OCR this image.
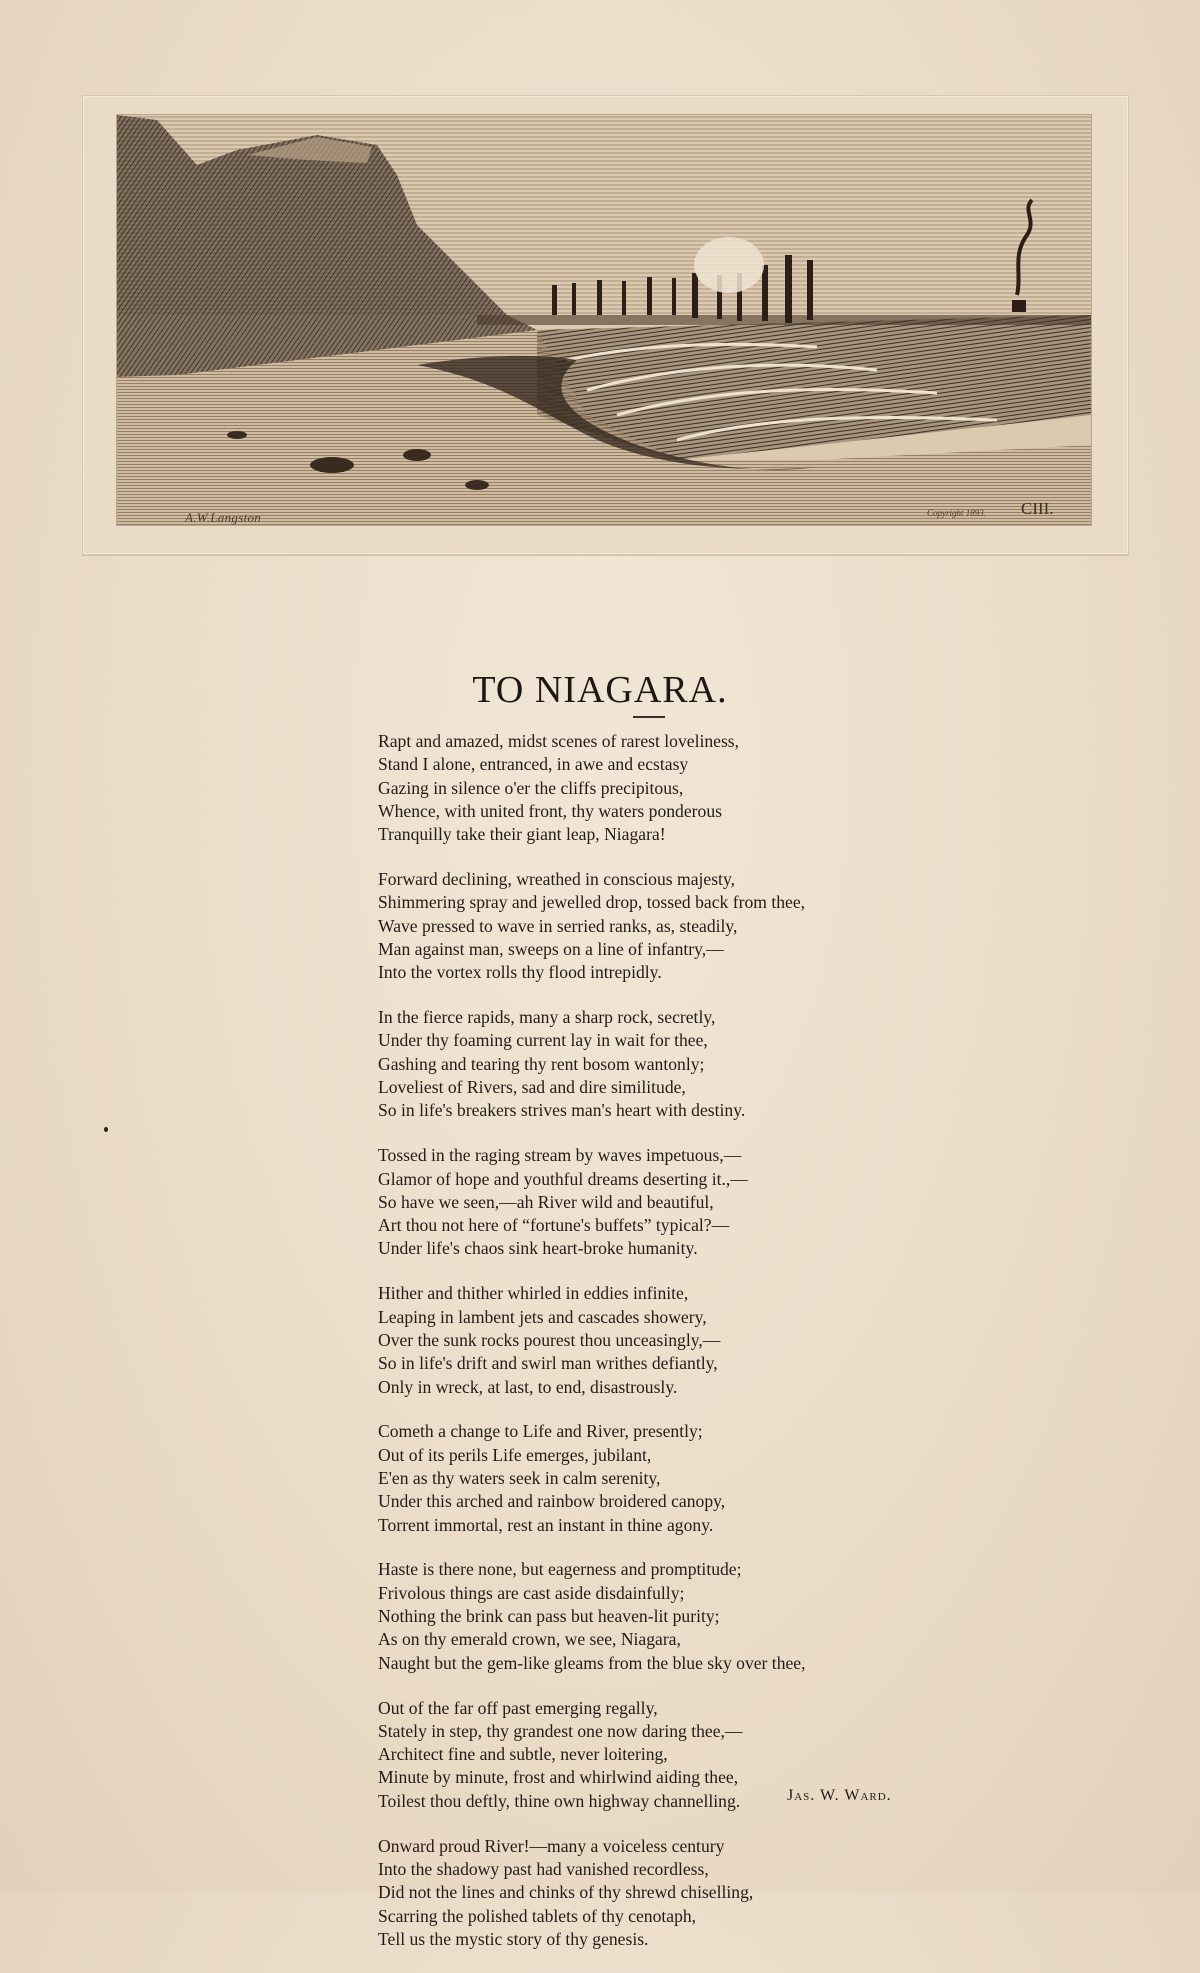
A.W.Langston	Copyright 1893. CIII.
TO NIAGARA.
Rapt and amazed, midst scenes of rarest loveliness,
Stand I alone, entranced, in awe and ecstasy
Gazing in silence o'er the cliffs precipitous,
Whence, with united front, thy waters ponderous
Tranquilly take their giant leap, Niagara!
Forward declining, wreathed in conscious majesty,
Shimmering spray and jewelled drop, tossed back from thee,
Wave pressed to wave in serried ranks, as, steadily,
Man against man, sweeps on a line of infantry,—
Into the vortex rolls thy flood intrepidly.
In the fierce rapids, many a sharp rock, secretly,
Under thy foaming current lay in wait for thee,
Gashing and tearing thy rent bosom wantonly;
Loveliest of Rivers, sad and dire similitude,
So in life's breakers strives man's heart with destiny.
Tossed in the raging stream by waves impetuous,—
Glamor of hope and youthful dreams deserting it.,—
So have we seen,—ah River wild and beautiful,
Art thou not here of “fortune's buffets” typical?—
Under life's chaos sink heart-broke humanity.
Hither and thither whirled in eddies infinite,
Leaping in lambent jets and cascades showery,
Over the sunk rocks pourest thou unceasingly,—
So in life's drift and swirl man writhes defiantly,
Only in wreck, at last, to end, disastrously.
Cometh a change to Life and River, presently;
Out of its perils Life emerges, jubilant,
E'en as thy waters seek in calm serenity,
Under this arched and rainbow broidered canopy,
Torrent immortal, rest an instant in thine agony.
Haste is there none, but eagerness and promptitude;
Frivolous things are cast aside disdainfully;
Nothing the brink can pass but heaven-lit purity;
As on thy emerald crown, we see, Niagara,
Naught but the gem-like gleams from the blue sky over thee,
Out of the far off past emerging regally,
Stately in step, thy grandest one now daring thee,—
Architect fine and subtle, never loitering,
Minute by minute, frost and whirlwind aiding thee,
Toilest thou deftly, thine own highway channelling.
Onward proud River!—many a voiceless century
Into the shadowy past had vanished recordless,
Did not the lines and chinks of thy shrewd chiselling,
Scarring the polished tablets of thy cenotaph,
Tell us the mystic story of thy genesis.
Jas. W. Ward.
